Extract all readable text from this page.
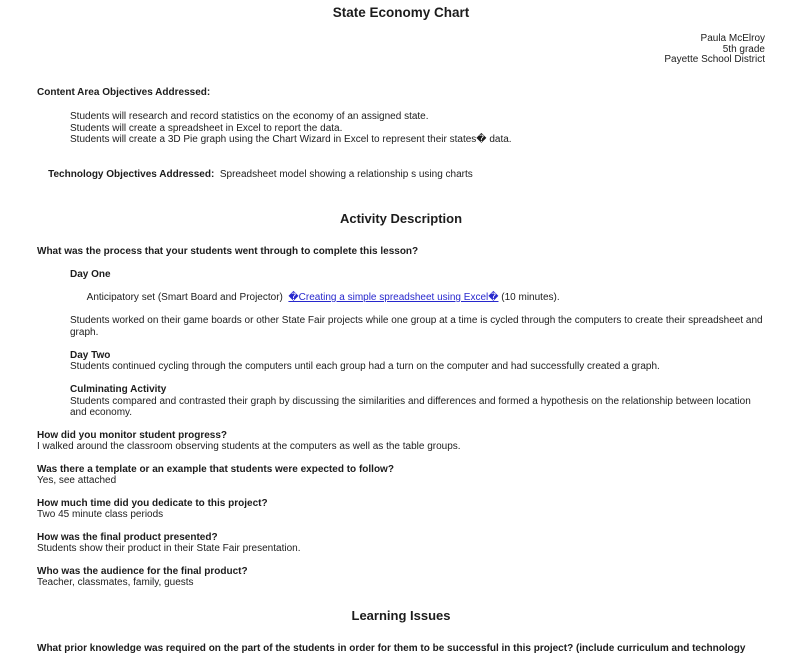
State Economy Chart
Paula McElroy
5th grade
Payette School District
Content Area Objectives Addressed:
Students will research and record statistics on the economy of an assigned state.
Students will create a spreadsheet in Excel to report the data.
Students will create a 3D Pie graph using the Chart Wizard in Excel to represent their states� data.

Technology Objectives Addressed:  Spreadsheet model showing a relationship s using charts

Activity Description
What was the process that your students went through to complete this lesson?
Day One

Anticipatory set (Smart Board and Projector)  �Creating a simple spreadsheet using Excel� (10 minutes).

Students worked on their game boards or other State Fair projects while one group at a time is cycled through the computers to create their spreadsheet and graph.
Day Two
Students continued cycling through the computers until each group had a turn on the computer and had successfully created a graph.
Culminating Activity
Students compared and contrasted their graph by discussing the similarities and differences and formed a hypothesis on the relationship between location and economy.
How did you monitor student progress?
I walked around the classroom observing students at the computers as well as the table groups.
Was there a template or an example that students were expected to follow?
Yes, see attached
How much time did you dedicate to this project?
Two 45 minute class periods
How was the final product presented?
Students show their product in their State Fair presentation.
Who was the audience for the final product?
Teacher, classmates, family, guests
Learning Issues
What prior knowledge was required on the part of the students in order for them to be successful in this project? (include curriculum and technology
